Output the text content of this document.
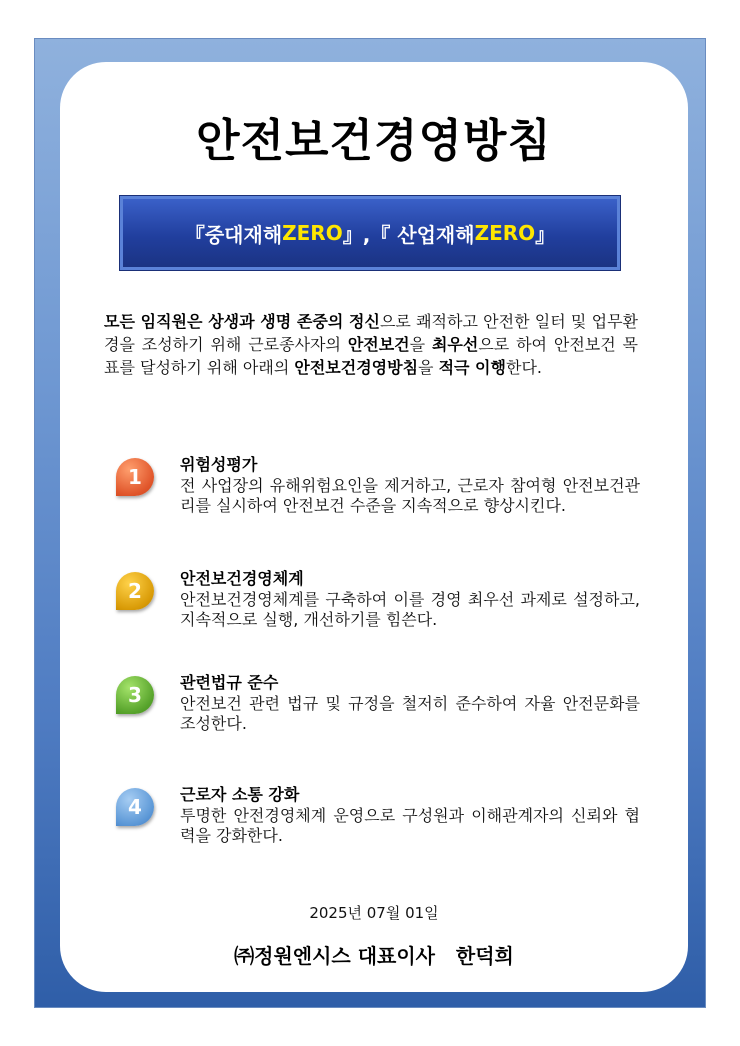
안전보건경영방침
『중대재해 ZERO 』,『 산업재해 ZERO 』
모든 임직원은 상생과 생명 존중의 정신으로 쾌적하고 안전한 일터 및 업무환경을 조성하기 위해 근로종사자의 안전보건을 최우선으로 하여 안전보건 목표를 달성하기 위해 아래의 안전보건경영방침을 적극 이행한다.
1
위험성평가
전 사업장의 유해위험요인을 제거하고, 근로자 참여형 안전보건관리를 실시하여 안전보건 수준을 지속적으로 향상시킨다.
2
안전보건경영체계
안전보건경영체계를 구축하여 이를 경영 최우선 과제로 설정하고, 지속적으로 실행, 개선하기를 힘쓴다.
3
관련법규 준수
안전보건 관련 법규 및 규정을 철저히 준수하여 자율 안전문화를 조성한다.
4
근로자 소통 강화
투명한 안전경영체계 운영으로 구성원과 이해관계자의 신뢰와 협력을 강화한다.
2025년 07월 01일
㈜정원엔시스 대표이사   한덕희
